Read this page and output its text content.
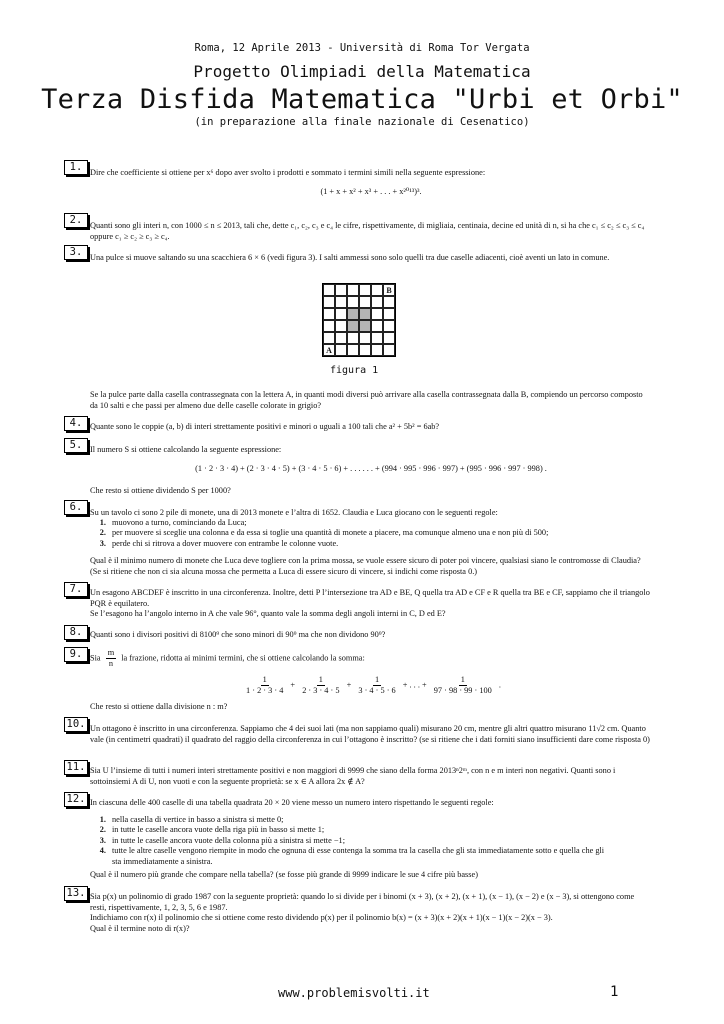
Roma, 12 Aprile 2013 - Università di Roma Tor Vergata
Progetto Olimpiadi della Matematica
Terza Disfida Matematica "Urbi et Orbi"
(in preparazione alla finale nazionale di Cesenatico)
1. Dire che coefficiente si ottiene per x⁶ dopo aver svolto i prodotti e sommato i termini simili nella seguente espressione:
(1 + x + x² + x³ + . . . + x²⁰¹³)³.
2. Quanti sono gli interi n, con 1000 ≤ n ≤ 2013, tali che, dette c₁, c₂, c₃ e c₄ le cifre, rispettivamente, di migliaia, centinaia, decine ed unità di n, si ha che c₁ ≤ c₂ ≤ c₃ ≤ c₄ oppure c₁ ≥ c₂ ≥ c₃ ≥ c₄.
3. Una pulce si muove saltando su una scacchiera 6 × 6 (vedi figura 3). I salti ammessi sono solo quelli tra due caselle adiacenti, cioè aventi un lato in comune.
B
A
figura 1
Se la pulce parte dalla casella contrassegnata con la lettera A, in quanti modi diversi può arrivare alla casella contrassegnata dalla B, compiendo un percorso composto da 10 salti e che passi per almeno due delle caselle colorate in grigio?
4. Quante sono le coppie (a, b) di interi strettamente positivi e minori o uguali a 100 tali che a² + 5b² = 6ab?
5. Il numero S si ottiene calcolando la seguente espressione:
(1 · 2 · 3 · 4) + (2 · 3 · 4 · 5) + (3 · 4 · 5 · 6) + . . . . . . + (994 · 995 · 996 · 997) + (995 · 996 · 997 · 998) .
Che resto si ottiene dividendo S per 1000?
6. Su un tavolo ci sono 2 pile di monete, una di 2013 monete e l’altra di 1652. Claudia e Luca giocano con le seguenti regole:
1. muovono a turno, cominciando da Luca;
2. per muovere si sceglie una colonna e da essa si toglie una quantità di monete a piacere, ma comunque almeno una e non più di 500;
3. perde chi si ritrova a dover muovere con entrambe le colonne vuote.
Qual è il minimo numero di monete che Luca deve togliere con la prima mossa, se vuole essere sicuro di poter poi vincere, qualsiasi siano le contromosse di Claudia? (Se si ritiene che non ci sia alcuna mossa che permetta a Luca di essere sicuro di vincere, si indichi come risposta 0.)
7. Un esagono ABCDEF è inscritto in una circonferenza. Inoltre, detti P l’intersezione tra AD e BE, Q quella tra AD e CF e R quella tra BE e CF, sappiamo che il triangolo PQR è equilatero.
Se l’esagono ha l’angolo interno in A che vale 96°, quanto vale la somma degli angoli interni in C, D ed E?
8. Quanti sono i divisori positivi di 8100⁹ che sono minori di 90⁹ ma che non dividono 90⁹?
9. Sia $\frac{m}{n}$ la frazione, ridotta ai minimi termini, che si ottiene calcolando la somma:
$\frac{1}{1 \cdot 2 \cdot 3 \cdot 4} + \frac{1}{2 \cdot 3 \cdot 4 \cdot 5} + \frac{1}{3 \cdot 4 \cdot 5 \cdot 6}$ + . . . + $\frac{1}{97 \cdot 98 \cdot 99 \cdot 100}$ .
Che resto si ottiene dalla divisione n : m?
10. Un ottagono è inscritto in una circonferenza. Sappiamo che 4 dei suoi lati (ma non sappiamo quali) misurano 20 cm, mentre gli altri quattro misurano 11√2 cm. Quanto vale (in centimetri quadrati) il quadrato del raggio della circonferenza in cui l’ottagono è inscritto? (se si ritiene che i dati forniti siano insufficienti dare come risposta 0)
11. Sia U l’insieme di tutti i numeri interi strettamente positivi e non maggiori di 9999 che siano della forma 2013ⁿ2ᵐ, con n e m interi non negativi. Quanti sono i sottoinsiemi A di U, non vuoti e con la seguente proprietà: se x ∈ A allora 2x ∉ A?
12. In ciascuna delle 400 caselle di una tabella quadrata 20 × 20 viene messo un numero intero rispettando le seguenti regole:
1. nella casella di vertice in basso a sinistra si mette 0;
2. in tutte le caselle ancora vuote della riga più in basso si mette 1;
3. in tutte le caselle ancora vuote della colonna più a sinistra si mette −1;
4. tutte le altre caselle vengono riempite in modo che ognuna di esse contenga la somma tra la casella che gli sta immediatamente sotto e quella che gli sta immediatamente a sinistra.
Qual è il numero più grande che compare nella tabella? (se fosse più grande di 9999 indicare le sue 4 cifre più basse)
13. Sia p(x) un polinomio di grado 1987 con la seguente proprietà: quando lo si divide per i binomi (x + 3), (x + 2), (x + 1), (x − 1), (x − 2) e (x − 3), si ottengono come resti, rispettivamente, 1, 2, 3, 5, 6 e 1987.
Indichiamo con r(x) il polinomio che si ottiene come resto dividendo p(x) per il polinomio b(x) = (x + 3)(x + 2)(x + 1)(x − 1)(x − 2)(x − 3).
Qual è il termine noto di r(x)?
www.problemisvolti.it	1
